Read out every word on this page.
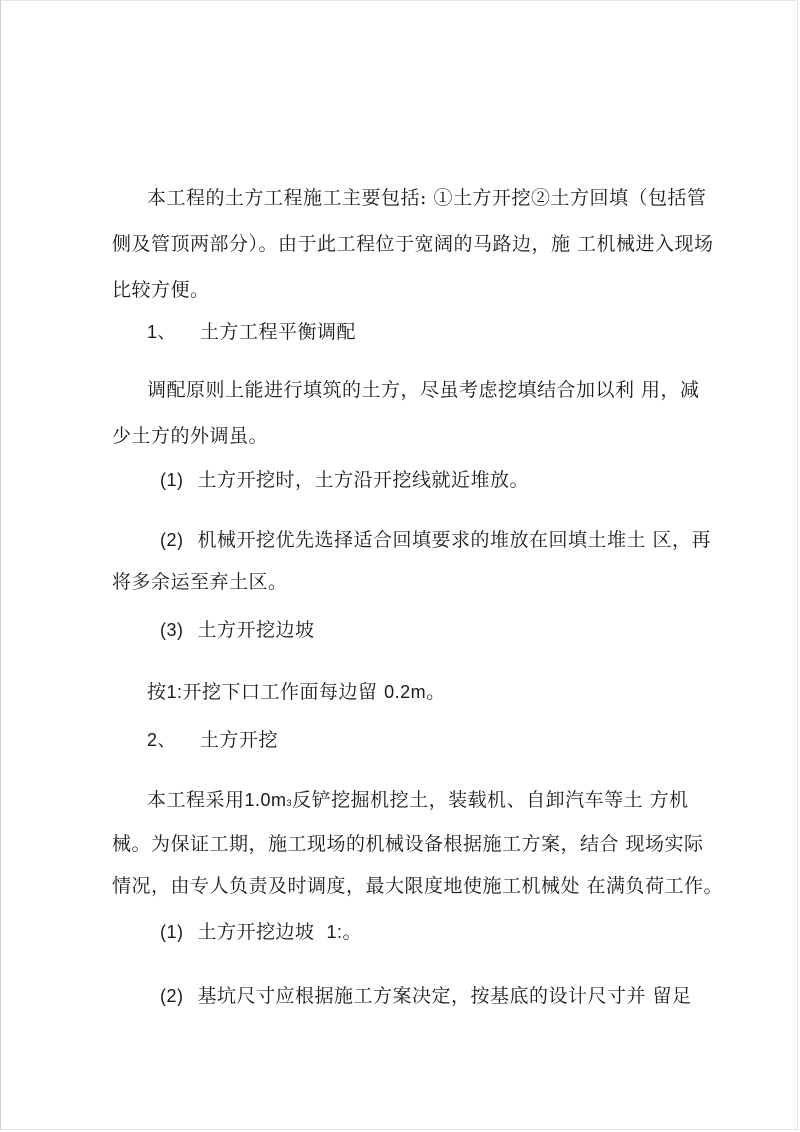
本工程的土方工程施工主要包括: ①土方开挖②土方回填（包括管
侧及管顶两部分）。由于此工程位于宽阔的马路边，施 工机械进入现场
比较方便。
1、 土方工程平衡调配
调配原则上能进行填筑的土方，尽虽考虑挖填结合加以利 用，减
少土方的外调虽。
(1) 土方开挖时，土方沿开挖线就近堆放。
(2) 机械开挖优先选择适合回填要求的堆放在回填土堆土 区，再
将多余运至弃土区。
(3) 土方开挖边坡
按1:开挖下口工作面每边留 0.2m。
2、 土方开挖
本工程采用1.0m3反铲挖掘机挖土，装载机、自卸汽车等土 方机
械。为保证工期，施工现场的机械设备根据施工方案，结合 现场实际
情况，由专人负责及时调度，最大限度地使施工机械处 在满负荷工作。
(1) 土方开挖边坡 1:。
(2) 基坑尺寸应根据施工方案决定，按基底的设计尺寸并 留足
